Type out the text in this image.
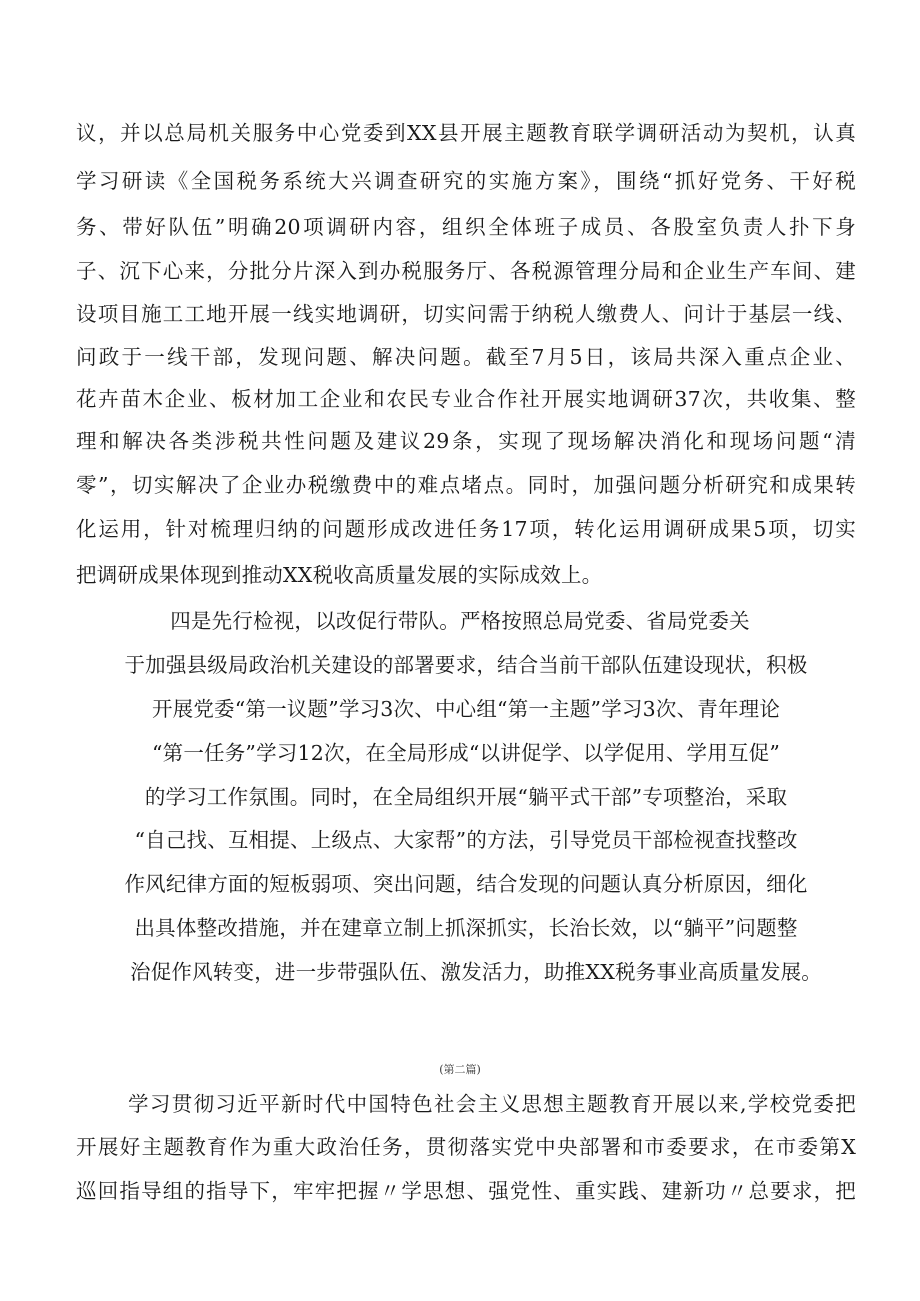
议，并以总局机关服务中心党委到XX县开展主题教育联学调研活动为契机，认真
学习研读《全国税务系统大兴调查研究的实施方案》，围绕“抓好党务、干好税
务、带好队伍”明确20项调研内容，组织全体班子成员、各股室负责人扑下身
子、沉下心来，分批分片深入到办税服务厅、各税源管理分局和企业生产车间、建
设项目施工工地开展一线实地调研，切实问需于纳税人缴费人、问计于基层一线、
问政于一线干部，发现问题、解决问题。截至7月5日，该局共深入重点企业、
花卉苗木企业、板材加工企业和农民专业合作社开展实地调研37次，共收集、整
理和解决各类涉税共性问题及建议29条，实现了现场解决消化和现场问题“清
零”，切实解决了企业办税缴费中的难点堵点。同时，加强问题分析研究和成果转
化运用，针对梳理归纳的问题形成改进任务17项，转化运用调研成果5项，切实
把调研成果体现到推动XX税收高质量发展的实际成效上。
四是先行检视，以改促行带队。严格按照总局党委、省局党委关
于加强县级局政治机关建设的部署要求，结合当前干部队伍建设现状，积极
开展党委“第一议题”学习3次、中心组“第一主题”学习3次、青年理论
“第一任务”学习12次，在全局形成“以讲促学、以学促用、学用互促”
的学习工作氛围。同时，在全局组织开展“躺平式干部”专项整治，采取
“自己找、互相提、上级点、大家帮”的方法，引导党员干部检视查找整改
作风纪律方面的短板弱项、突出问题，结合发现的问题认真分析原因，细化
出具体整改措施，并在建章立制上抓深抓实，长治长效，以“躺平”问题整
治促作风转变，进一步带强队伍、激发活力，助推XX税务事业高质量发展。
(第二篇)
学习贯彻习近平新时代中国特色社会主义思想主题教育开展以来,学校党委把
开展好主题教育作为重大政治任务，贯彻落实党中央部署和市委要求，在市委第X
巡回指导组的指导下，牢牢把握〃学思想、强党性、重实践、建新功〃总要求，把
